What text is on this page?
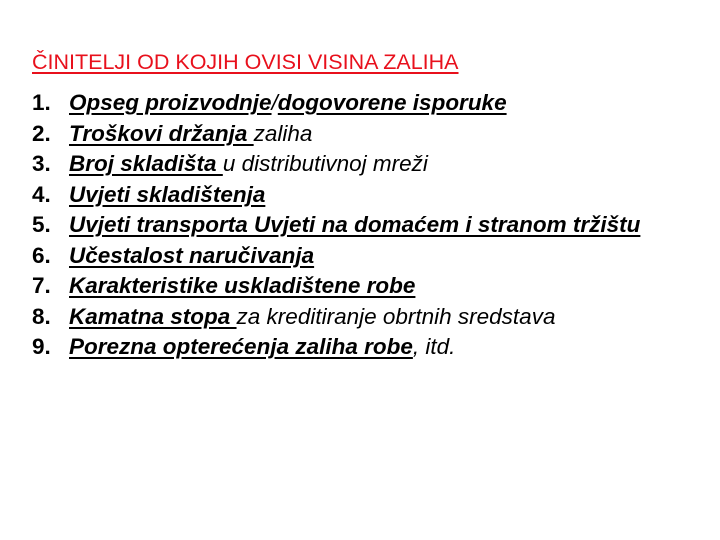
ČINITELJI OD KOJIH OVISI VISINA ZALIHA
1. Opseg proizvodnje/dogovorene isporuke
2. Troškovi držanja zaliha
3. Broj skladišta u distributivnoj mreži
4. Uvjeti skladištenja
5. Uvjeti transporta Uvjeti na domaćem i stranom tržištu
6. Učestalost naručivanja
7. Karakteristike uskladištene robe
8. Kamatna stopa za kreditiranje obrtnih sredstava
9. Porezna opterećenja zaliha robe, itd.
